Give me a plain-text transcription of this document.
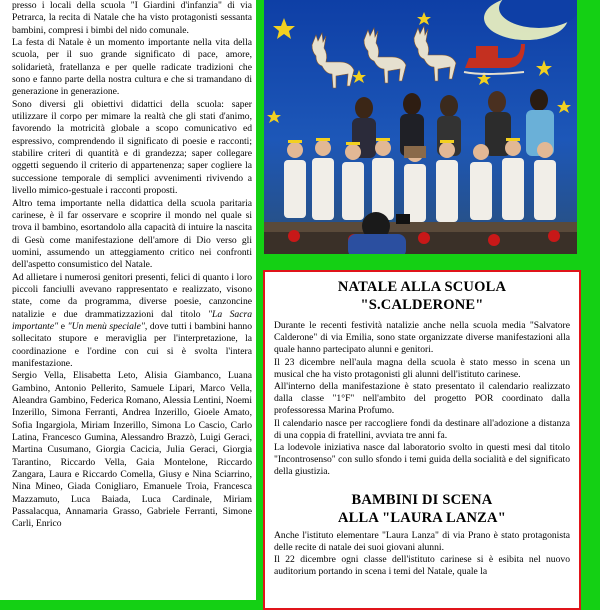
presso i locali della scuola "I Giardini d'infanzia" di via Petrarca, la recita di Natale che ha visto protagonisti sessanta bambini, compresi i bimbi del nido comunale.

La festa di Natale è un momento importante nella vita della scuola, per il suo grande significato di pace, amore, solidarietà, fratellanza e per quelle radicate tradizioni che sono e fanno parte della nostra cultura e che si tramandano di generazione in generazione.

Sono diversi gli obiettivi didattici della scuola: saper utilizzare il corpo per mimare la realtà che gli stati d'animo, favorendo la motricità globale a scopo comunicativo ed espressivo, comprendendo il significato di poesie e racconti; stabilire criteri di quantità e di grandezza; saper collegare oggetti seguendo il criterio di appartenenza; saper cogliere la successione temporale di semplici avvenimenti rivivendo a livello mimico-gestuale i racconti proposti.

Altro tema importante nella didattica della scuola paritaria carinese, è il far osservare e scoprire il mondo nel quale si trova il bambino, esortandolo alla capacità di intuire la nascita di Gesù come manifestazione dell'amore di Dio verso gli uomini, assumendo un atteggiamento critico nei confronti dell'aspetto consumistico del Natale.

Ad allietare i numerosi genitori presenti, felici di quanto i loro piccoli fanciulli avevano rappresentato e realizzato, visono state, come da programma, diverse poesie, canzoncine natalizie e due drammatizzazioni dal titolo "La Sacra importante" e "Un menù speciale", dove tutti i bambini hanno sollecitato stupore e meraviglia per l'interpretazione, la coordinazione e l'ordine con cui si è svolta l'intera manifestazione.

Sergio Vella, Elisabetta Leto, Alisia Giambanco, Luana Gambino, Antonio Pellerito, Samuele Lipari, Marco Vella, Aleandra Gambino, Federica Romano, Alessia Lentini, Noemi Inzerillo, Simona Ferranti, Andrea Inzerillo, Gioele Amato, Sofia Ingargiola, Miriam Inzerillo, Simona Lo Cascio, Carlo Latina, Francesco Gumina, Alessandro Brazzò, Luigi Geraci, Martina Cusumano, Giorgia Cacicia, Julia Geraci, Giorgia Tarantino, Riccardo Vella, Gaia Montelone, Riccardo Zangara, Laura e Riccardo Comella, Giusy e Nina Sciarrino, Nina Mineo, Giada Conigliaro, Emanuele Troia, Francesca Mazzamuto, Luca Baiada, Luca Cardinale, Miriam Passalacqua, Annamaria Grasso, Gabriele Ferranti, Simone Carli, Enrico

NATALE ALLA SCUOLA
"S.CALDERONE"

Durante le recenti festività natalizie anche nella scuola media "Salvatore Calderone" di via Emilia, sono state organizzate diverse manifestazioni alla quale hanno partecipato alunni e genitori.

Il 23 dicembre nell'aula magna della scuola è stato messo in scena un musical che ha visto protagonisti gli alunni dell'istituto carinese.

All'interno della manifestazione è stato presentato il calendario realizzato dalla classe "1°F" nell'ambito del progetto POR coordinato dalla professoressa Marina Profumo.

Il calendario nasce per raccogliere fondi da destinare all'adozione a distanza di una coppia di fratellini, avviata tre anni fa.

La lodevole iniziativa nasce dal laboratorio svolto in questi mesi dal titolo "Incontrosenso" con sullo sfondo i temi guida della socialità e del significato della giustizia.

BAMBINI DI SCENA
ALLA "LAURA LANZA"

Anche l'istituto elementare "Laura Lanza" di via Prano è stato protagonista delle recite di natale dei suoi giovani alunni.

Il 22 dicembre ogni classe dell'istituto carinese si è esibita nel nuovo auditorium portando in scena i temi del Natale, quale la
